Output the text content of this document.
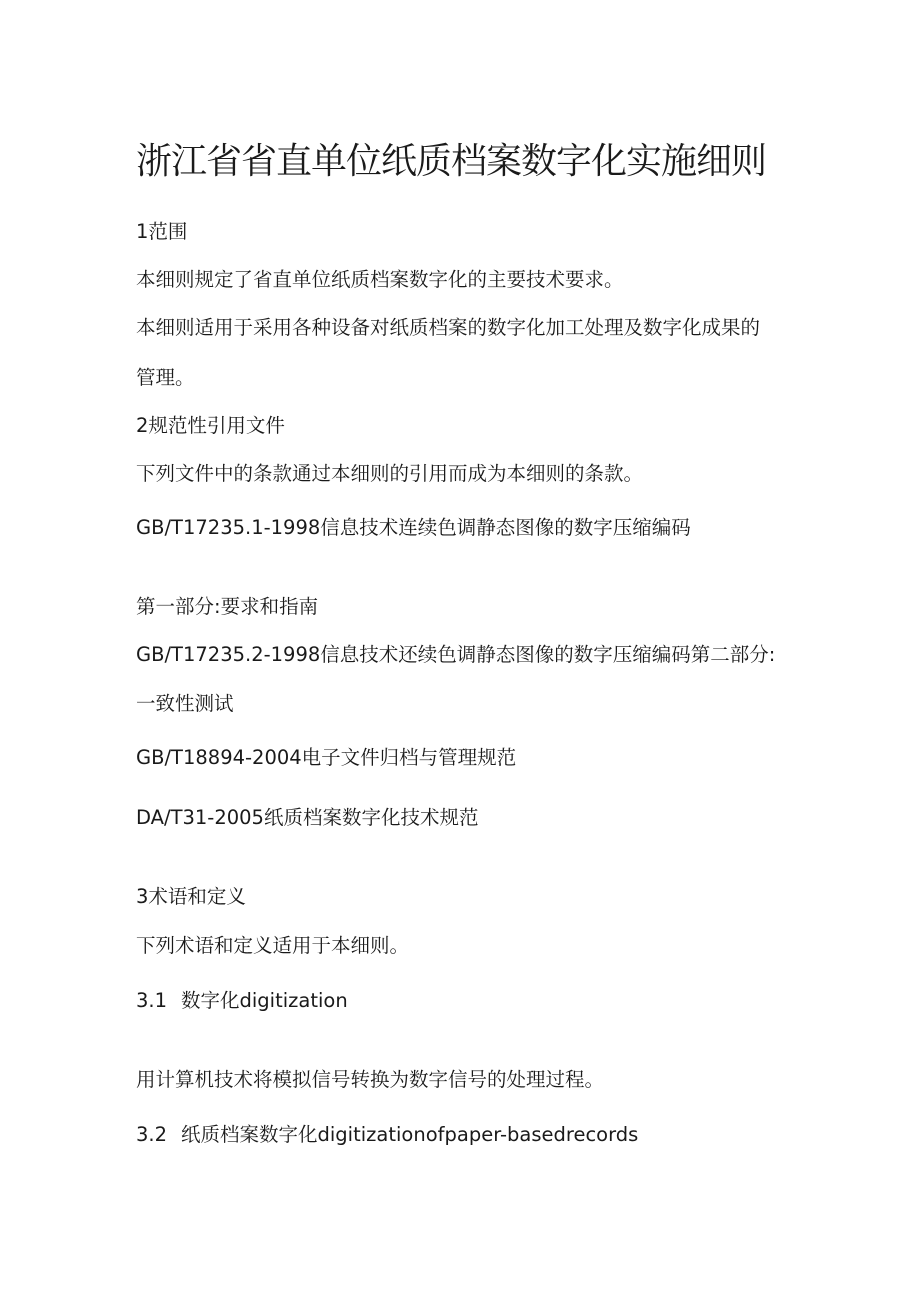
浙江省省直单位纸质档案数字化实施细则

1范围

本细则规定了省直单位纸质档案数字化的主要技术要求。

本细则适用于采用各种设备对纸质档案的数字化加工处理及数字化成果的

管理。

2规范性引用文件

下列文件中的条款通过本细则的引用而成为本细则的条款。

GB/T17235.1-1998信息技术连续色调静态图像的数字压缩编码

第一部分:要求和指南

GB/T17235.2-1998信息技术还续色调静态图像的数字压缩编码第二部分:

一致性测试

GB/T18894-2004电子文件归档与管理规范

DA/T31-2005纸质档案数字化技术规范

3术语和定义

下列术语和定义适用于本细则。

3.1 数字化digitization

用计算机技术将模拟信号转换为数字信号的处理过程。

3.2 纸质档案数字化digitizationofpaper-basedrecords
